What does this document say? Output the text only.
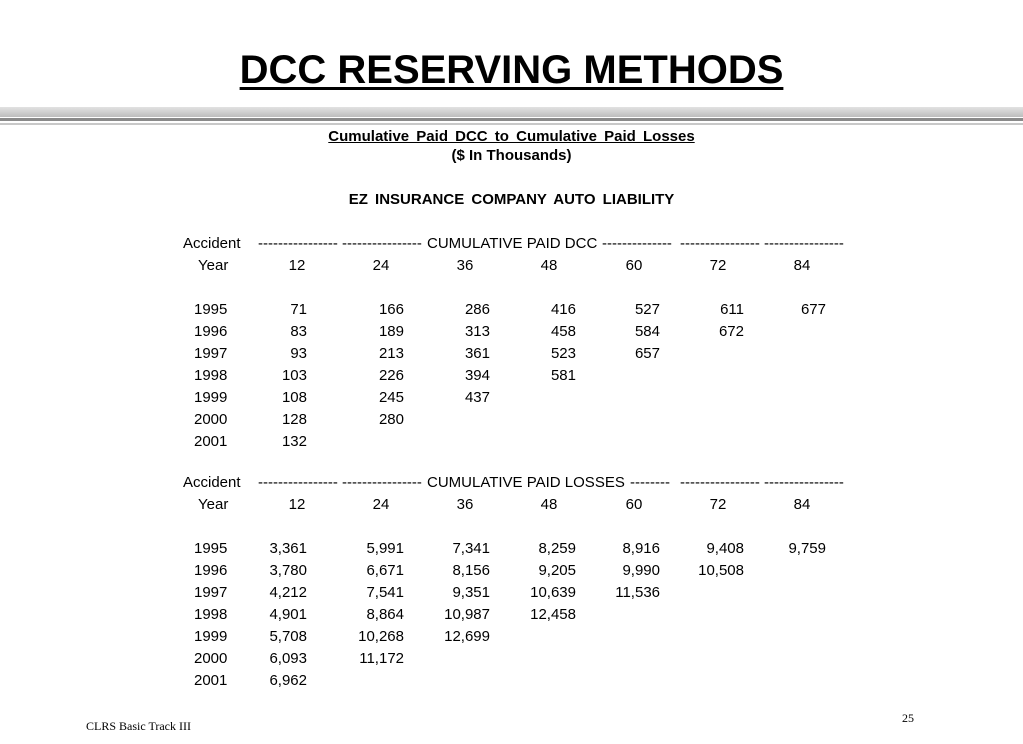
DCC RESERVING METHODS
Cumulative Paid DCC to Cumulative Paid Losses
($ In Thousands)
EZ INSURANCE COMPANY AUTO LIABILITY
Accident ---------------- ---------------- CUMULATIVE PAID DCC -------------- ---------------- ----------------
Year	12	24	36	48	60	72	84
1995	71	166	286	416	527	611	677
1996	83	189	313	458	584	672
1997	93	213	361	523	657
1998	103	226	394	581
1999	108	245	437
2000	128	280
2001	132
Accident ---------------- ---------------- CUMULATIVE PAID LOSSES -------- ---------------- ----------------
Year	12	24	36	48	60	72	84
1995	3,361	5,991	7,341	8,259	8,916	9,408	9,759
1996	3,780	6,671	8,156	9,205	9,990	10,508
1997	4,212	7,541	9,351	10,639	11,536
1998	4,901	8,864	10,987	12,458
1999	5,708	10,268	12,699
2000	6,093	11,172
2001	6,962
CLRS Basic Track III
25
